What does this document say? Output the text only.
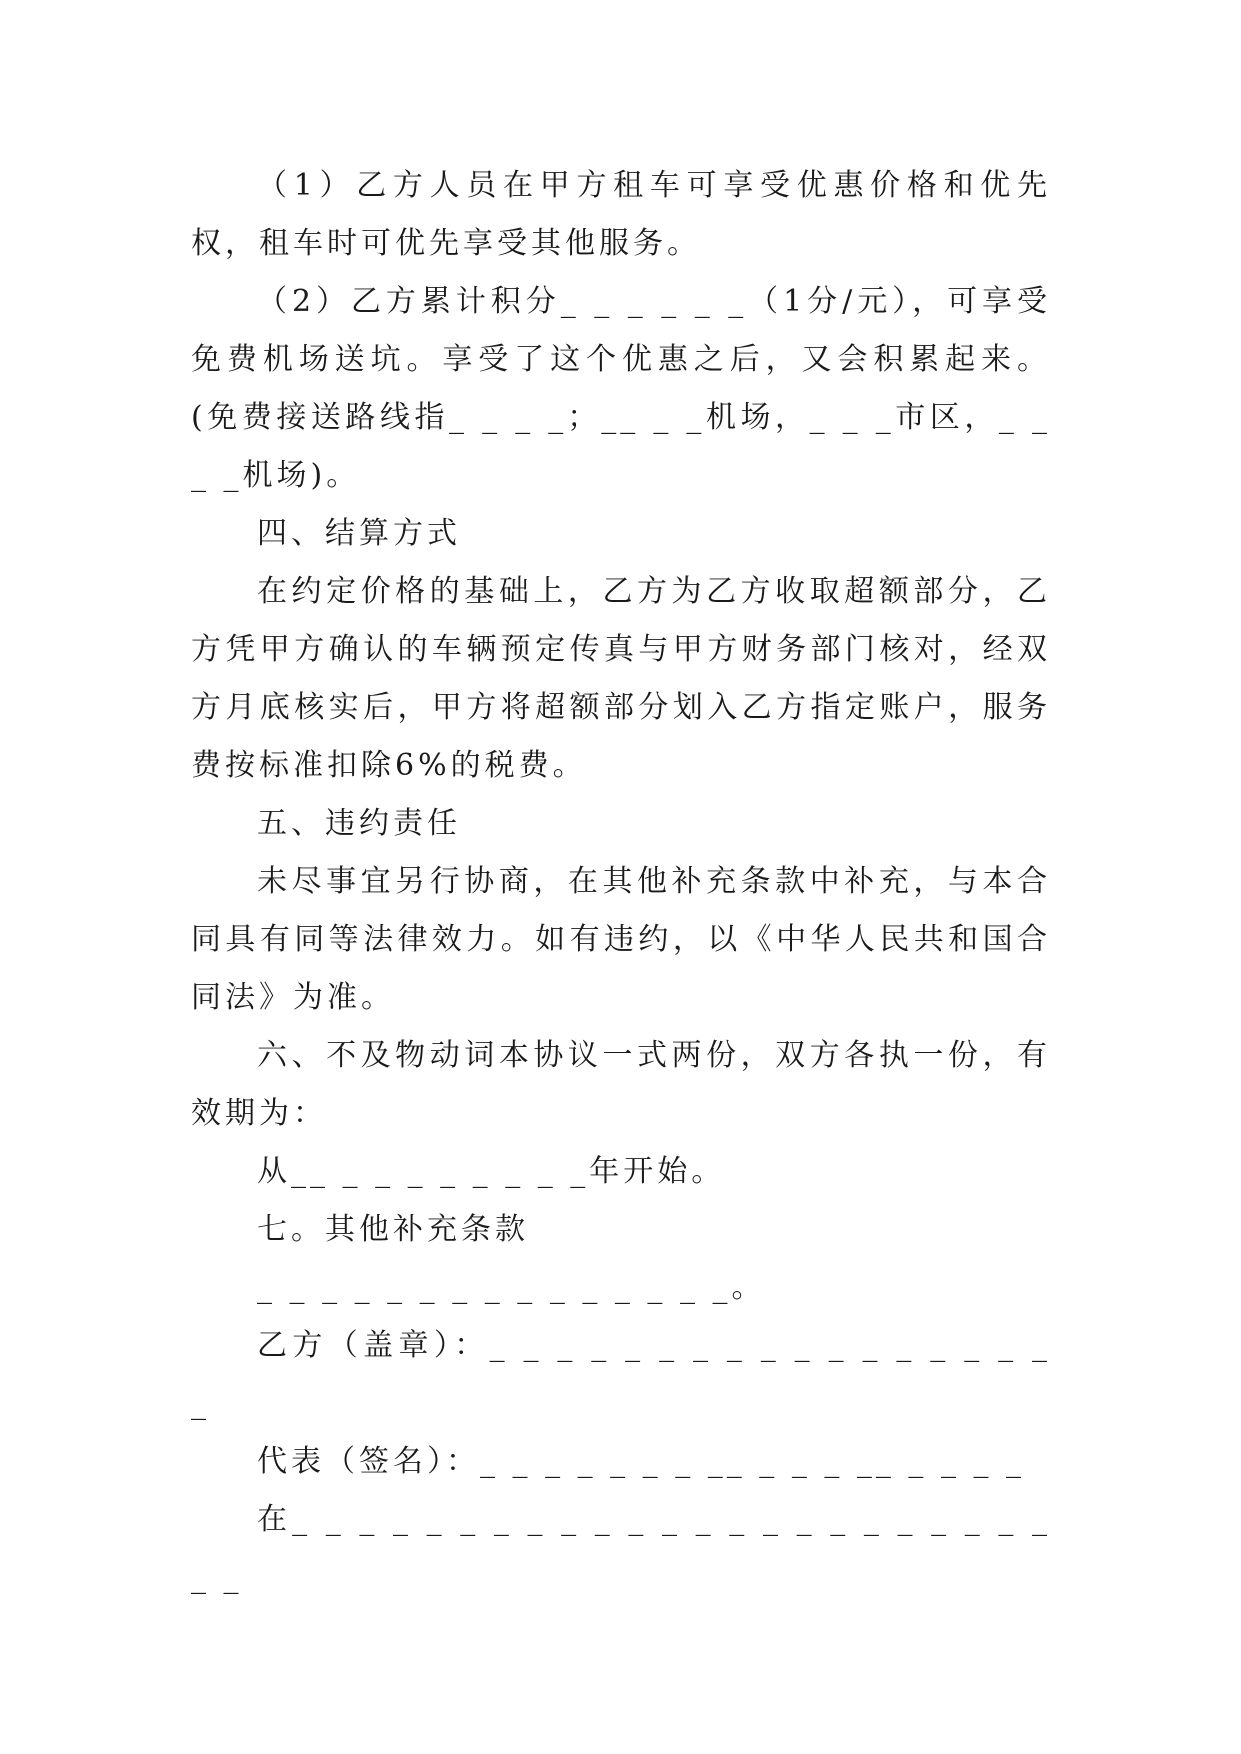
（1）乙方人员在甲方租车可享受优惠价格和优先权，租车时可优先享受其他服务。

（2）乙方累计积分_ _ _ _ _ _（1分/元），可享受免费机场送坑。享受了这个优惠之后，又会积累起来。(免费接送路线指_ _ _ _；__ _ _机场，_ _ _市区，_ _ _ _机场)。

四、结算方式

在约定价格的基础上，乙方为乙方收取超额部分，乙方凭甲方确认的车辆预定传真与甲方财务部门核对，经双方月底核实后，甲方将超额部分划入乙方指定账户，服务费按标准扣除6%的税费。

五、违约责任

未尽事宜另行协商，在其他补充条款中补充，与本合同具有同等法律效力。如有违约，以《中华人民共和国合同法》为准。

六、不及物动词本协议一式两份，双方各执一份，有效期为：

从__ _ _ _ _ _ _ _ _年开始。

七。其他补充条款

_ _ _ _ _ _ _ _ _ _ _ _ _ _ _。

乙方（盖章）：_ _ _ _ _ _ _ _ _ _ _ _ _ _ _ _ _ _

代表（签名）：_ _ _ _ _ _ _ __ _ _ _ __ _ _ _ _

在_ _ _ _ _ _ _ _ _ _ _ _ _ _ _ _ _ _ _ _ _ _ _ _ _
